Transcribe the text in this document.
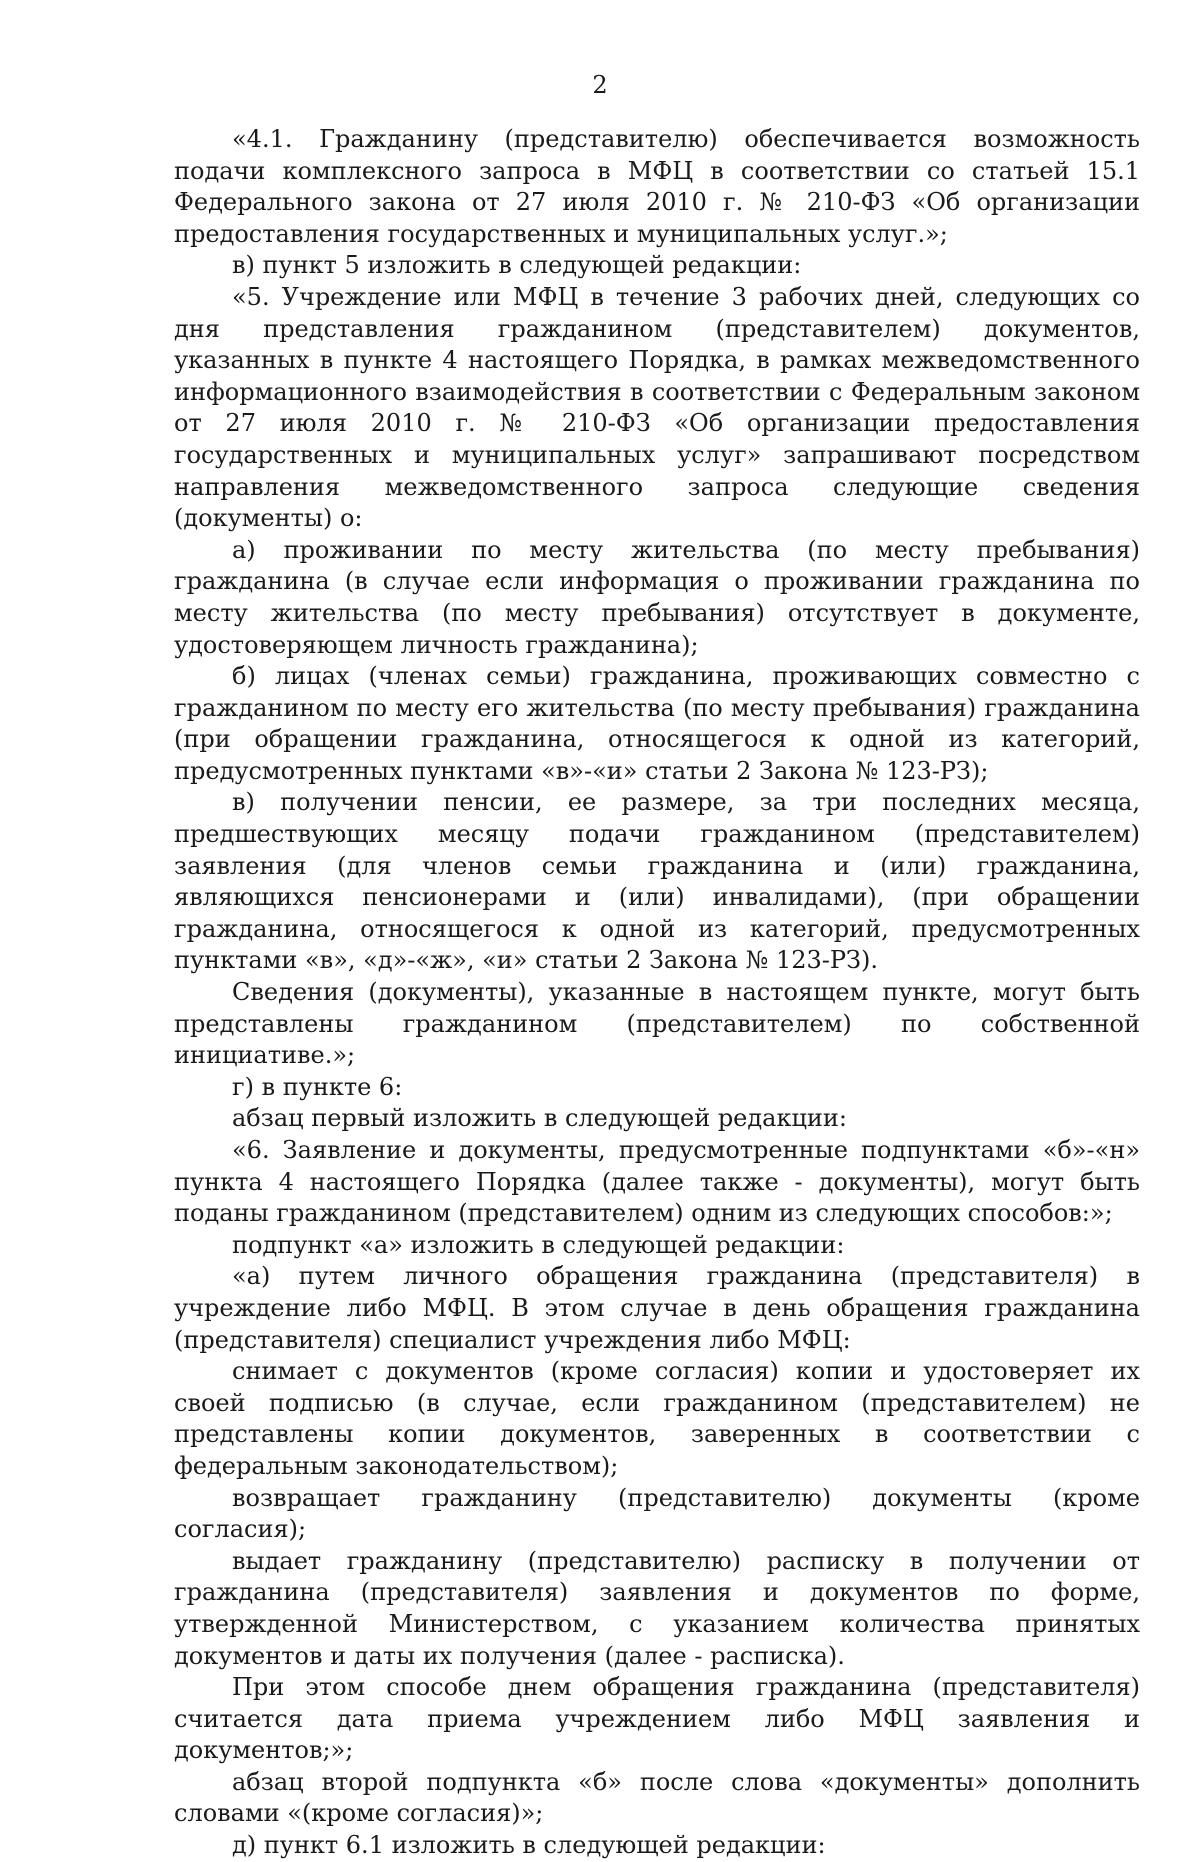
2

«4.1. Гражданину (представителю) обеспечивается возможность подачи комплексного запроса в МФЦ в соответствии со статьей 15.1 Федерального закона от 27 июля 2010 г. № 210-ФЗ «Об организации предоставления государственных и муниципальных услуг.»;

в) пункт 5 изложить в следующей редакции:

«5. Учреждение или МФЦ в течение 3 рабочих дней, следующих со дня представления гражданином (представителем) документов, указанных в пункте 4 настоящего Порядка, в рамках межведомственного информационного взаимодействия в соответствии с Федеральным законом от 27 июля 2010 г. № 210-ФЗ «Об организации предоставления государственных и муниципальных услуг» запрашивают посредством направления межведомственного запроса следующие сведения (документы) о:

а) проживании по месту жительства (по месту пребывания) гражданина (в случае если информация о проживании гражданина по месту жительства (по месту пребывания) отсутствует в документе, удостоверяющем личность гражданина);

б) лицах (членах семьи) гражданина, проживающих совместно с гражданином по месту его жительства (по месту пребывания) гражданина (при обращении гражданина, относящегося к одной из категорий, предусмотренных пунктами «в»-«и» статьи 2 Закона № 123-РЗ);

в) получении пенсии, ее размере, за три последних месяца, предшествующих месяцу подачи гражданином (представителем) заявления (для членов семьи гражданина и (или) гражданина, являющихся пенсионерами и (или) инвалидами), (при обращении гражданина, относящегося к одной из категорий, предусмотренных пунктами «в», «д»-«ж», «и» статьи 2 Закона № 123-РЗ).

Сведения (документы), указанные в настоящем пункте, могут быть представлены гражданином (представителем) по собственной инициативе.»;

г) в пункте 6:

абзац первый изложить в следующей редакции:

«6. Заявление и документы, предусмотренные подпунктами «б»-«н» пункта 4 настоящего Порядка (далее также - документы), могут быть поданы гражданином (представителем) одним из следующих способов:»;

подпункт «а» изложить в следующей редакции:

«а) путем личного обращения гражданина (представителя) в учреждение либо МФЦ. В этом случае в день обращения гражданина (представителя) специалист учреждения либо МФЦ:

снимает с документов (кроме согласия) копии и удостоверяет их своей подписью (в случае, если гражданином (представителем) не представлены копии документов, заверенных в соответствии с федеральным законодательством);

возвращает гражданину (представителю) документы (кроме согласия);

выдает гражданину (представителю) расписку в получении от гражданина (представителя) заявления и документов по форме, утвержденной Министерством, с указанием количества принятых документов и даты их получения (далее - расписка).

При этом способе днем обращения гражданина (представителя) считается дата приема учреждением либо МФЦ заявления и документов;»;

абзац второй подпункта «б» после слова «документы» дополнить словами «(кроме согласия)»;

д) пункт 6.1 изложить в следующей редакции:
